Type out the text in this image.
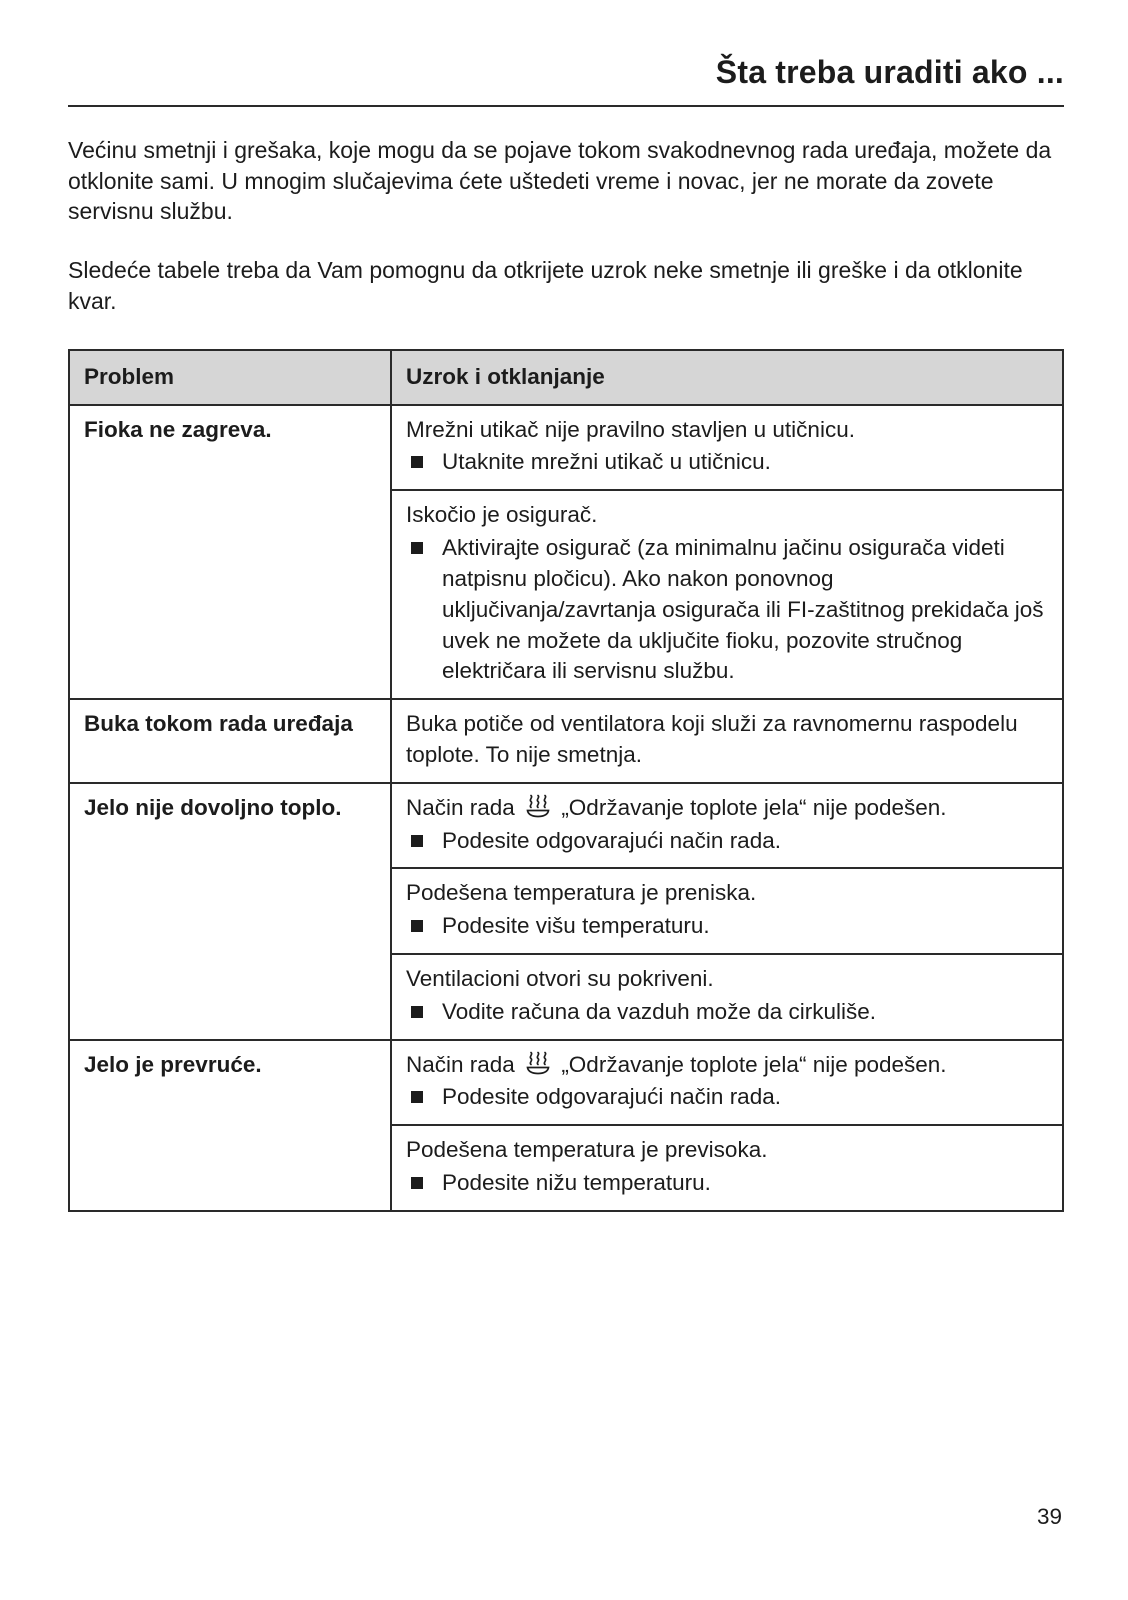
Šta treba uraditi ako ...

Većinu smetnji i grešaka, koje mogu da se pojave tokom svakodnevnog rada uređaja, možete da otklonite sami. U mnogim slučajevima ćete uštedeti vreme i novac, jer ne morate da zovete servisnu službu.

Sledeće tabele treba da Vam pomognu da otkrijete uzrok neke smetnje ili greške i da otklonite kvar.

Problem	Uzrok i otklanjanje
Fioka ne zagreva.	Mrežni utikač nije pravilno stavljen u utičnicu.
Utaknite mrežni utikač u utičnicu.

	Iskočio je osigurač.
Aktivirajte osigurač (za minimalnu jačinu osigurača videti natpisnu pločicu). Ako nakon ponovnog uključivanja/zavrtanja osigurača ili FI-zaštitnog prekidača još uvek ne možete da uključite fioku, pozovite stručnog električara ili servisnu službu.

Buka tokom rada uređaja	Buka potiče od ventilatora koji služi za ravnomernu raspodelu toplote. To nije smetnja.

Jelo nije dovoljno toplo.	Način rada
„Održavanje toplote jela“ nije podešen.
Podesite odgovarajući način rada.

	Podešena temperatura je preniska.
Podesite višu temperaturu.

	Ventilacioni otvori su pokriveni.
Vodite računa da vazduh može da cirkuliše.

Jelo je prevruće.	Način rada
„Održavanje toplote jela“ nije podešen.
Podesite odgovarajući način rada.

	Podešena temperatura je previsoka.
Podesite nižu temperaturu.
39
